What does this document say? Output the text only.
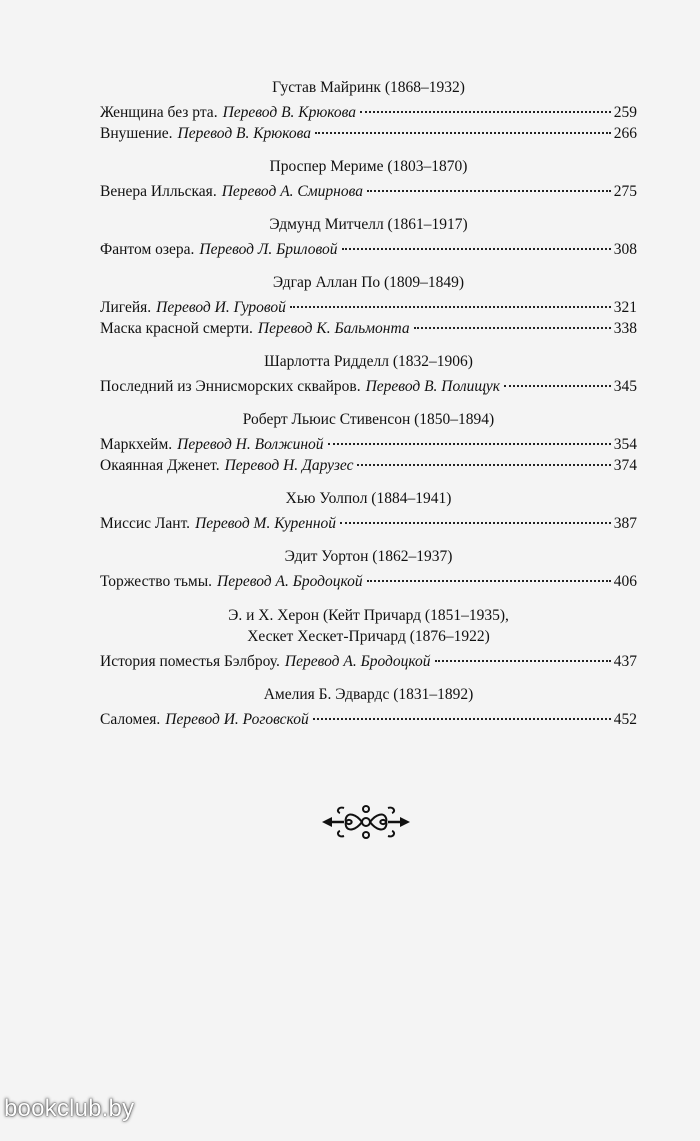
Густав Майринк (1868–1932)
Женщина без рта. Перевод В. Крюкова	259
Внушение. Перевод В. Крюкова	266
Проспер Мериме (1803–1870)
Венера Илльская. Перевод А. Смирнова	275
Эдмунд Митчелл (1861–1917)
Фантом озера. Перевод Л. Бриловой	308
Эдгар Аллан По (1809–1849)
Лигейя. Перевод И. Гуровой	321
Маска красной смерти. Перевод К. Бальмонта	338
Шарлотта Ридделл (1832–1906)
Последний из Эннисморских сквайров. Перевод В. Полищук	345
Роберт Льюис Стивенсон (1850–1894)
Маркхейм. Перевод Н. Волжиной	354
Окаянная Дженет. Перевод Н. Дарузес	374
Хью Уолпол (1884–1941)
Миссис Лант. Перевод М. Куренной	387
Эдит Уортон (1862–1937)
Торжество тьмы. Перевод А. Бродоцкой	406
Э. и Х. Херон (Кейт Причард (1851–1935),
Хескет Хескет-Причард (1876–1922)
История поместья Бэлброу. Перевод А. Бродоцкой	437
Амелия Б. Эдвардс (1831–1892)
Саломея. Перевод И. Роговской	452
bookclub.by
